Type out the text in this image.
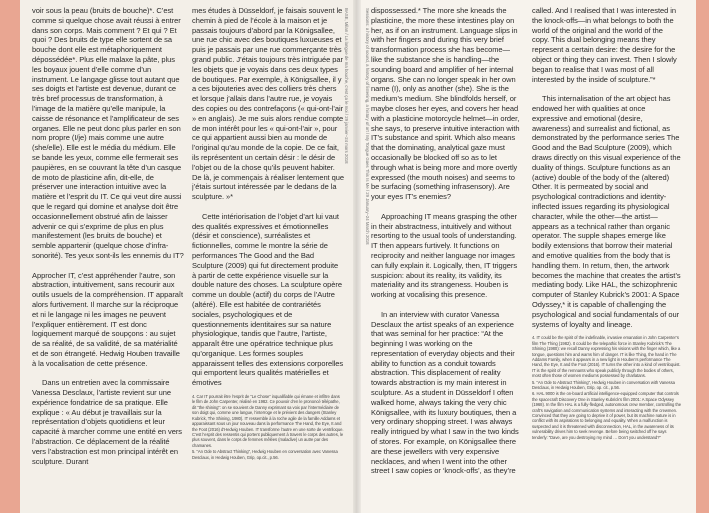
voir sous la peau (bruits de bouche)*. C’est comme si quelque chose avait réussi à entrer dans son corps. Mais comment ? Et qui ? Et quoi ? Des bruits de type elle sortent de sa bouche dont elle est métaphoriquement dépossédée*. Plus elle malaxe la pâte, plus les boyaux jouent d’elle comme d’un instrument. Le langage glisse tout autant que ses doigts et l’artiste est devenue, durant ce très bref processus de transformation, à l’image de la matière qu’elle manipule, la caisse de résonance et l’amplificateur de ses organes. Elle ne peut donc plus parler en son nom propre (I/je) mais comme une autre (she/elle). Elle est le média du médium. Elle se bande les yeux, comme elle fermerait ses paupières, en se couvrant la tête d’un casque de moto de plasticine afin, dit-elle, de préserver une interaction intuitive avec la matière et l’esprit du IT. Ce qui veut dire aussi que le regard qui domine et analyse doit être occasionnellement obstrué afin de laisser advenir ce qui s’exprime de plus en plus manifestement (les bruits de bouche) et semble appartenir (quelque chose d’infra-sonorité). Tes yeux sont-ils les ennemis du IT?

Approcher IT, c’est appréhender l’autre, son abstraction, intuitivement, sans recourir aux outils usuels de la compréhension. IT apparaît alors furtivement. Il marche sur la réciproque et ni le langage ni les images ne peuvent l’expliquer entièrement. IT est donc logiquement marqué de soupçons : au sujet de sa réalité, de sa validité, de sa matérialité et de son étrangeté. Hedwig Houben travaille à la vocalisation de cette présence.

Dans un entretien avec la commissaire Vanessa Desclaux, l’artiste revient sur une expérience fondatrice de sa pratique. Elle explique : « Au début je travaillais sur la représentation d’objets quotidiens et leur capacité à marcher comme une entité en vers l’abstraction. Ce déplacement de la réalité vers l’abstraction est mon principal intérêt en sculpture. Durant

mes études à Düsseldorf, je faisais souvent le chemin à pied de l’école à la maison et je passais toujours d’abord par la Königsallee, une rue chic avec des boutiques luxueuses et puis je passais par une rue commerçante très grand public. J’étais toujours très intriguée par les objets que je voyais dans ces deux types de boutiques. Par exemple, à Königsallee, il y a ces bijouteries avec des colliers très chers et lorsque j’allais dans l’autre rue, je voyais des copies ou des contrefaçons (« qui-ont-l’air » en anglais). Je me suis alors rendue compte de mon intérêt pour les « qui-ont-l’air », pour ce qui appartient aussi bien au monde de l’original qu’au monde de la copie. De ce fait, ils représentent un certain désir : le désir de l’objet ou de la chose qu’ils peuvent habiter. De là, je commençais à réaliser lentement que j’étais surtout intéressée par le dedans de la sculpture. »*

Cette intériorisation de l’objet d’art lui vaut des qualités expressives et émotionnelles (désir et conscience), surréalistes et fictionnelles, comme le montre la série de performances The Good and the Bad Sculpture (2009) qui fut directement produite à partir de cette expérience visuelle sur la double nature des choses. La sculpture opère comme un double (actif) du corps de l’Autre (altéré). Elle est habitée de contrariétés sociales, psychologiques et de questionnements identitaires sur sa nature physiologique, tandis que l’autre, l’artiste, apparaît être une opératrice technique plus qu’organique. Les formes souples apparaissent telles des extensions corporelles qui emportent leurs qualités matérielles et émotives

4. Car IT pourrait être l’esprit de “Le Chose” inqualifiable qui émane et infiltre dans le film de John Carpenter, réalisé en 1982. Ce pouvoir d’en le prononcé télépathe, dit “the shining”: on se souvient de Danny exprimant sa voix par l’intermédiaire de son doigt qui, comme une langue, l’interroge et le prévient des dangers (Stanley Kubrick, The Shining, 1980). IT ressemble à la roche agile de la famille Addams et apparaissant sous un jour nouveau dans la performance The Hand, the Eye, It and the Foot (2016) d’Hedwig Houben. IT transforme l’autre en une sorte de ventriloque. C’est l’esprit des ressentis qui portent publiquement à travers le corps des autres, le plus souvent, dans le corps de femmes mêlées (maladive) un autre par des chamanes.

5. “An Ode to Abstract Thinking”, Hedwig Houben en conversation avec Vanessa Desclaux, in Hedwig Houben, Grip, op.cit., p.56.

BASE, Milan / La langue de ma bouche, c’est ça le moi / 29 janvier–24 mars 2018	dispossessed.* The more she kneads the plasticine, the more these intestines play on her, as if on an instrument. Language slips in with her fingers and during this very brief transformation process she has become—like the substance she is handling—the sounding board and amplifier of her internal organs. She can no longer speak in her own name (I), only as another (she). She is the medium’s medium. She blindfolds herself, or maybe closes her eyes, and covers her head with a plasticine motorcycle helmet—in order, she says, to preserve intuitive interaction with IT’s substance and spirit. Which also means that the dominating, analytical gaze must occasionally be blocked off so as to let through what is being more and more overtly expressed (the mouth noises) and seems to be surfacing (something infrasensory). Are your eyes IT’s enemies?

Approaching IT means grasping the other in their abstractness, intuitively and without resorting to the usual tools of understanding. IT then appears furtively. It functions on reciprocity and neither language nor images can fully explain it. Logically, then, IT triggers suspicion: about its reality, its validity, its materiality and its strangeness. Houben is working at vocalising this presence.

In an interview with curator Vanessa Desclaux the artist speaks of an experience that was seminal for her practice: “At the beginning I was working on the representation of everyday objects and their ability to function as a conduit towards abstraction. This displacement of reality towards abstraction is my main interest in sculpture. As a student in Düsseldorf I often walked home, always taking the very chic Königsallee, with its luxury boutiques, then a very ordinary shopping street. I was always really intrigued by what I saw in the two kinds of stores. For example, on Königsallee there are these jewellers with very expensive necklaces, and when I went into the other street I saw copies or ‘knock-offs’, as they’re

called. And I realised that I was interested in the knock-offs—in what belongs to both the world of the original and the world of the copy. This dual belonging means they represent a certain desire: the desire for the object or thing they can invest. Then I slowly began to realise that I was most of all interested by the inside of sculpture.”*

This internalisation of the art object has endowed her with qualities at once expressive and emotional (desire, awareness) and surrealist and fictional, as demonstrated by the performance series The Good and the Bad Sculpture (2009), which draws directly on this visual experience of the duality of things. Sculpture functions as an (active) double of the body of the (altered) Other. It is permeated by social and psychological contradictions and identity-inflected issues regarding its physiological character, while the other—the artist—appears as a technical rather than organic operator. The supple shapes emerge like bodily extensions that borrow their material and emotive qualities from the body that is handling them. In return, then, the artwork becomes the machine that creates the artist’s mediating body. Like HAL, the schizophrenic computer of Stanley Kubrick’s 2001: A Space Odyssey,* it is capable of challenging the psychological and social fundamentals of our systems of loyalty and lineage.

4. IT could be the spirit of the indefinable, invasive emanation in John Carpenter’s film The Thing (1982). It could be the telepathic force in Stanley Kubrick’s The Shining (1980): we recall Danny expressing his visions with the finger which, like a tongue, questions him and warns him of danger. IT is like Thing, the hand in The Addams Family, when it appears in a new light in Houben’s performance The Hand, the Eye, It and the Foot (2016). IT turns the other into a kind of ventriloquist. IT is the spirit of the remnants who speak publicly through the bodies of others, most often those of women mediums possessed by charlatans.

5. “An Ode to Abstract Thinking”, Hedwig Houben in conversation with Vanessa Desclaux, in Hedwig Houben, Grip, op. cit., p.56.

6. HAL 9000 is the on-board artificial intelligence-equipped computer that controls the spacecraft Discovery One in Stanley Kubrick’s film 2001: A Space Odyssey (1968). In the film HAL is a fully-fledged, autonomous crew member, controlling the craft’s navigation and communication systems and interacting with the crewmen. Convinced that they are going to deprive it of power, but its machine nature is in conflict with its aspirations to belonging and equality. When a malfunction is suspected and it is threatened with disconnection, HAL, in the awareness of its vulnerability drives him to seek revenge. Before being switched off he says tenderly: “Dave, are you destroying my mind … Don’t you understand?”

Sessions: a history of sound, a history of listening, a history of art / My Tongue Goes This Is Me / 29 January–24 March 2018
